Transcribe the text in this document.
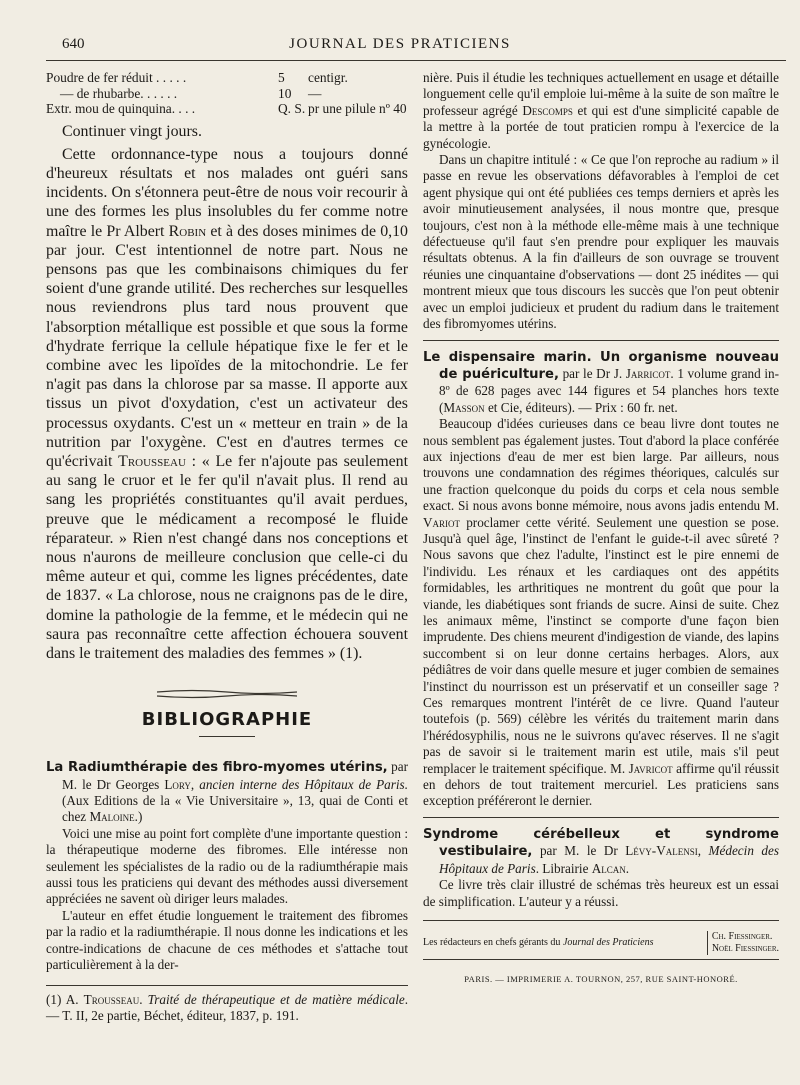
640	JOURNAL DES PRATICIENS
Poudre de fer réduit . . . . .	5	centigr.
— de rhubarbe. . . . . .	10	—
Extr. mou de quinquina. . . .	Q. S.	pr une pilule nº 40

Continuer vingt jours.

Cette ordonnance-type nous a toujours donné d'heureux résultats et nos malades ont guéri sans incidents. On s'étonnera peut-être de nous voir recourir à une des formes les plus insolubles du fer comme notre maître le Pr Albert Robin et à des doses minimes de 0,10 par jour. C'est intentionnel de notre part. Nous ne pensons pas que les combinaisons chimiques du fer soient d'une grande utilité. Des recherches sur lesquelles nous reviendrons plus tard nous prouvent que l'absorption métallique est possible et que sous la forme d'hydrate ferrique la cellule hépatique fixe le fer et le combine avec les lipoïdes de la mitochondrie. Le fer n'agit pas dans la chlorose par sa masse. Il apporte aux tissus un pivot d'oxydation, c'est un activateur des processus oxydants. C'est un « metteur en train » de la nutrition par l'oxygène. C'est en d'autres termes ce qu'écrivait Trousseau : « Le fer n'ajoute pas seulement au sang le cruor et le fer qu'il n'avait plus. Il rend au sang les propriétés constituantes qu'il avait perdues, preuve que le médicament a recomposé le fluide réparateur. » Rien n'est changé dans nos conceptions et nous n'aurons de meilleure conclusion que celle-ci du même auteur et qui, comme les lignes précédentes, date de 1837. « La chlorose, nous ne craignons pas de le dire, domine la pathologie de la femme, et le médecin qui ne saura pas reconnaître cette affection échouera souvent dans le traitement des maladies des femmes » (1).

BIBLIOGRAPHIE

La Radiumthérapie des fibro-myomes utérins, par M. le Dr Georges Lory, ancien interne des Hôpitaux de Paris. (Aux Editions de la « Vie Universitaire », 13, quai de Conti et chez Maloine.)

Voici une mise au point fort complète d'une importante question : la thérapeutique moderne des fibromes. Elle intéresse non seulement les spécialistes de la radio ou de la radiumthérapie mais aussi tous les praticiens qui devant des méthodes aussi diversement appréciées ne savent où diriger leurs malades.

L'auteur en effet étudie longuement le traitement des fibromes par la radio et la radiumthérapie. Il nous donne les indications et les contre-indications de chacune de ces méthodes et s'attache tout particulièrement à la der-

(1) A. Trousseau. Traité de thérapeutique et de matière médicale. — T. II, 2e partie, Béchet, éditeur, 1837, p. 191.

nière. Puis il étudie les techniques actuellement en usage et détaille longuement celle qu'il emploie lui-même à la suite de son maître le professeur agrégé Descomps et qui est d'une simplicité capable de la mettre à la portée de tout praticien rompu à l'exercice de la gynécologie.

Dans un chapitre intitulé : « Ce que l'on reproche au radium » il passe en revue les observations défavorables à l'emploi de cet agent physique qui ont été publiées ces temps derniers et après les avoir minutieusement analysées, il nous montre que, presque toujours, c'est non à la méthode elle-même mais à une technique défectueuse qu'il faut s'en prendre pour expliquer les mauvais résultats obtenus. A la fin d'ailleurs de son ouvrage se trouvent réunies une cinquantaine d'observations — dont 25 inédites — qui montrent mieux que tous discours les succès que l'on peut obtenir avec un emploi judicieux et prudent du radium dans le traitement des fibromyomes utérins.

Le dispensaire marin. Un organisme nouveau de puériculture, par le Dr J. Jarricot. 1 volume grand in-8º de 628 pages avec 144 figures et 54 planches hors texte (Masson et Cie, éditeurs). — Prix : 60 fr. net.

Beaucoup d'idées curieuses dans ce beau livre dont toutes ne nous semblent pas également justes. Tout d'abord la place conférée aux injections d'eau de mer est bien large. Par ailleurs, nous trouvons une condamnation des régimes théoriques, calculés sur une fraction quelconque du poids du corps et cela nous semble exact. Si nous avons bonne mémoire, nous avons jadis entendu M. Variot proclamer cette vérité. Seulement une question se pose. Jusqu'à quel âge, l'instinct de l'enfant le guide-t-il avec sûreté ? Nous savons que chez l'adulte, l'instinct est le pire ennemi de l'individu. Les rénaux et les cardiaques ont des appétits formidables, les arthritiques ne montrent du goût que pour la viande, les diabétiques sont friands de sucre. Ainsi de suite. Chez les animaux même, l'instinct se comporte d'une façon bien imprudente. Des chiens meurent d'indigestion de viande, des lapins succombent si on leur donne certains herbages. Alors, aux pédiâtres de voir dans quelle mesure et juger combien de semaines l'instinct du nourrisson est un préservatif et un conseiller sage ? Ces remarques montrent l'intérêt de ce livre. Quand l'auteur toutefois (p. 569) célèbre les vérités du traitement marin dans l'hérédosyphilis, nous ne le suivrons qu'avec réserves. Il ne s'agit pas de savoir si le traitement marin est utile, mais s'il peut remplacer le traitement spécifique. M. Javricot affirme qu'il réussit en dehors de tout traitement mercuriel. Les praticiens sans exception préféreront le dernier.

Syndrome cérébelleux et syndrome vestibulaire, par M. le Dr Lévy-Valensi, Médecin des Hôpitaux de Paris. Librairie Alcan.

Ce livre très clair illustré de schémas très heureux est un essai de simplification. L'auteur y a réussi.

Les rédacteurs en chefs gérants du Journal des Praticiens
Ch. Fiessinger.
Noël Fiessinger.
PARIS. — IMPRIMERIE A. TOURNON, 257, RUE SAINT-HONORÉ.
